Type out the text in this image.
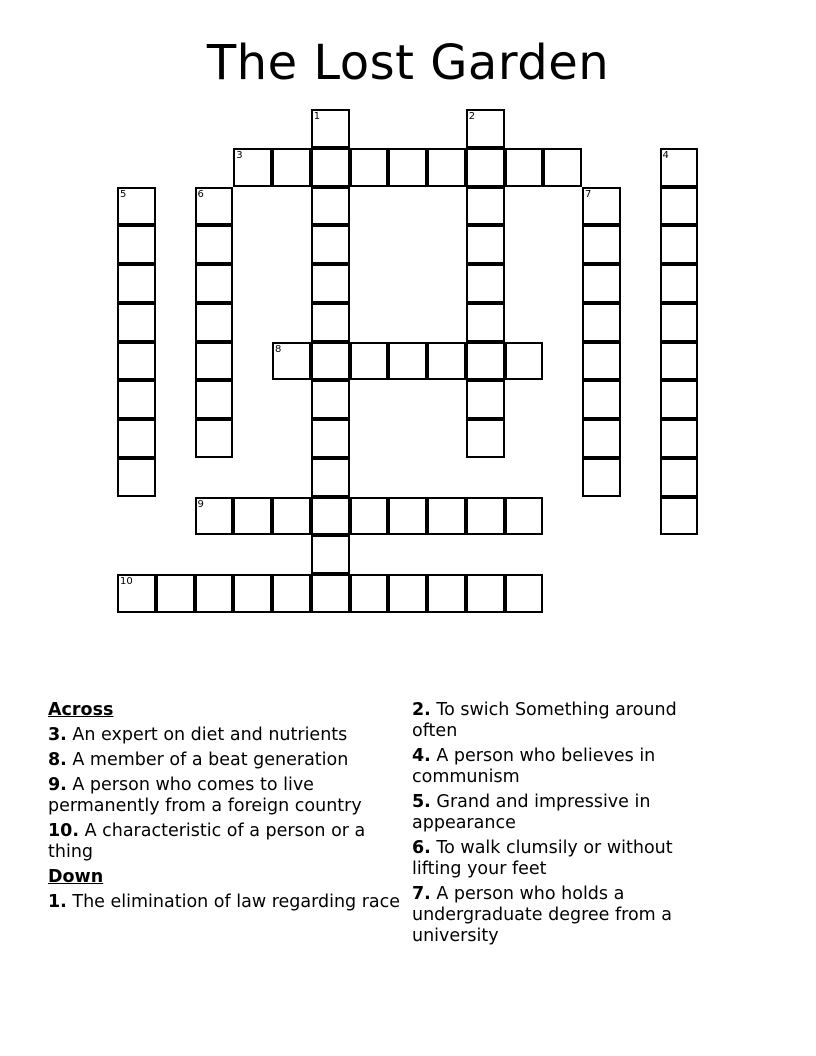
The Lost Garden
1	2
3	4
5	6	7
8
9
10
Across
3. An expert on diet and nutrients
8. A member of a beat generation
9. A person who comes to live permanently from a foreign country
10. A characteristic of a person or a thing
Down
1. The elimination of law regarding race
2. To swich Something around often
4. A person who believes in communism
5. Grand and impressive in appearance
6. To walk clumsily or without lifting your feet
7. A person who holds a undergraduate degree from a university
